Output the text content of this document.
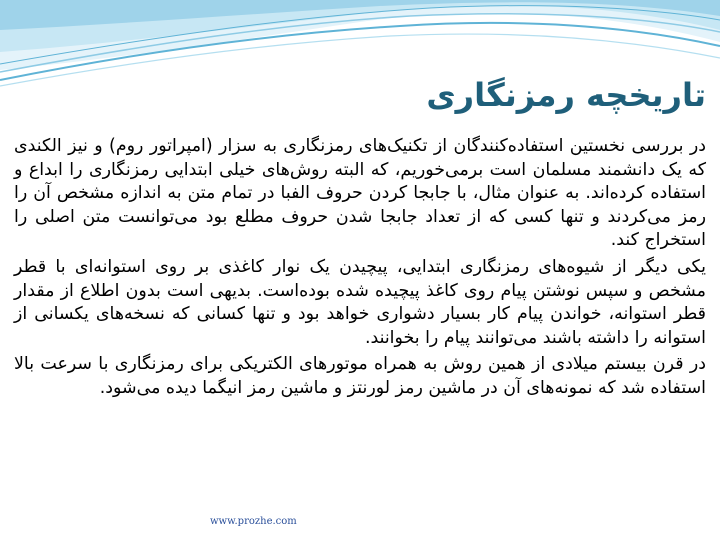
تاریخچه رمزنگاری

در بررسی نخستین استفاده‌کنندگان از تکنیک‌های رمزنگاری به سزار (امپراتور روم) و نیز الکندی که یک دانشمند مسلمان است برمی‌خوریم، که البته روش‌های خیلی ابتدایی رمزنگاری را ابداع و استفاده کرده‌اند. به عنوان مثال، با جابجا کردن حروف الفبا در تمام متن به اندازه مشخص آن را رمز می‌کردند و تنها کسی که از تعداد جابجا شدن حروف مطلع بود می‌توانست متن اصلی را استخراج کند.

یکی دیگر از شیوه‌های رمزنگاری ابتدایی، پیچیدن یک نوار کاغذی بر روی استوانه‌ای با قطر مشخص و سپس نوشتن پیام روی کاغذ پیچیده شده بوده‌است. بدیهی است بدون اطلاع از مقدار قطر استوانه، خواندن پیام کار بسیار دشواری خواهد بود و تنها کسانی که نسخه‌های یکسانی از استوانه را داشته باشند می‌توانند پیام را بخوانند.

در قرن بیستم میلادی از همین روش به همراه موتورهای الکتریکی برای رمزنگاری با سرعت بالا استفاده شد که نمونه‌های آن در ماشین رمز لورنتز و ماشین رمز انیگما دیده می‌شود.

www.prozhe.com
